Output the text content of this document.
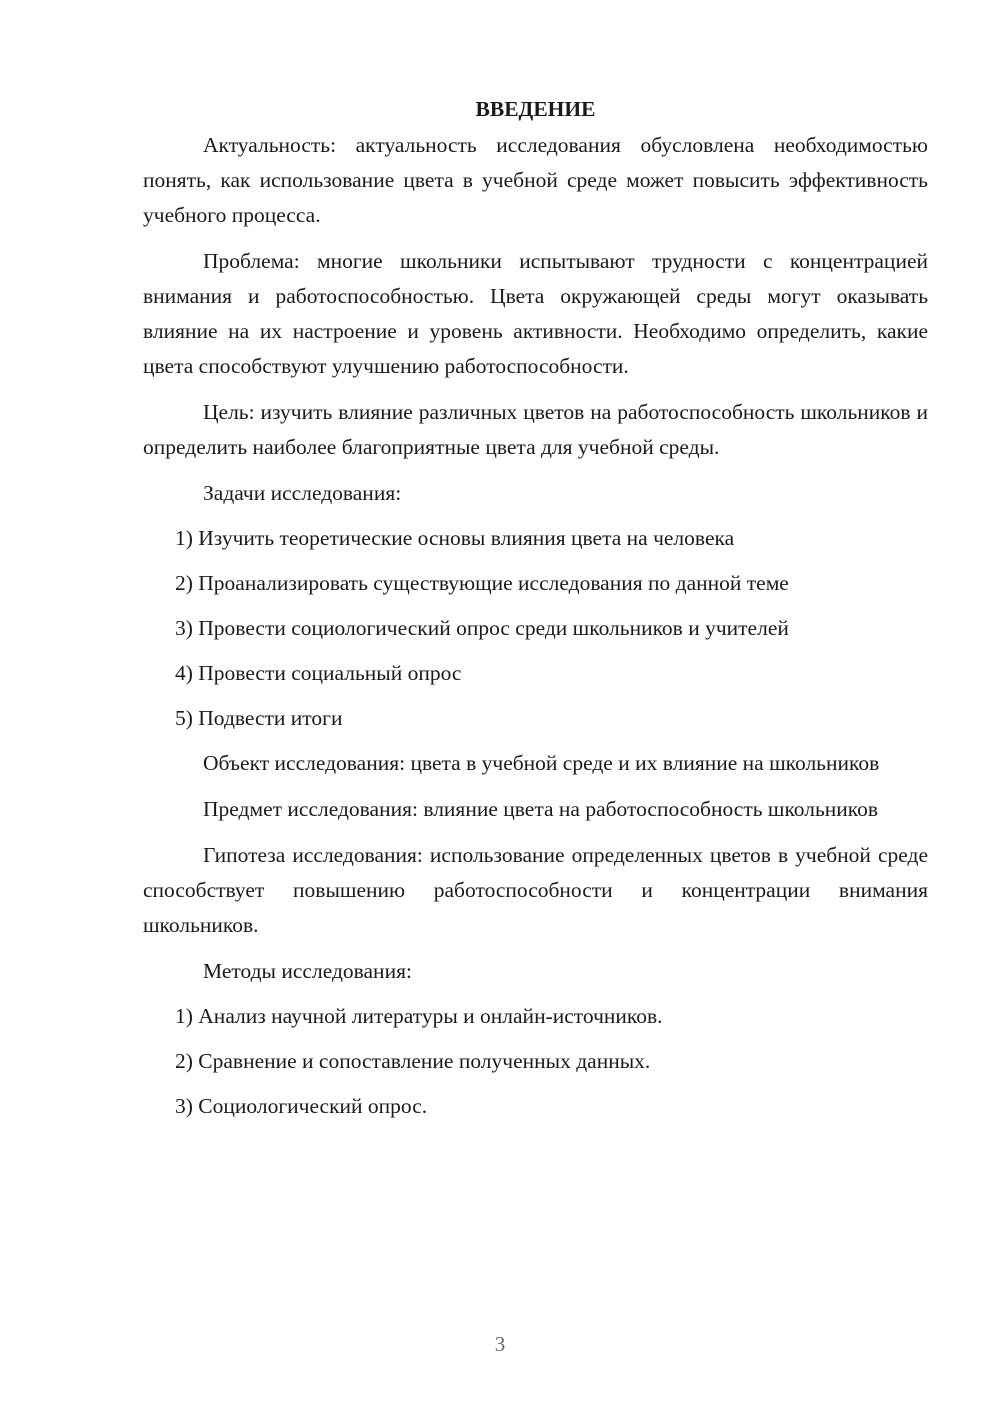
ВВЕДЕНИЕ

Актуальность: актуальность исследования обусловлена необходимостью понять, как использование цвета в учебной среде может повысить эффективность учебного процесса.

Проблема: многие школьники испытывают трудности с концентрацией внимания и работоспособностью. Цвета окружающей среды могут оказывать влияние на их настроение и уровень активности. Необходимо определить, какие цвета способствуют улучшению работоспособности.

Цель: изучить влияние различных цветов на работоспособность школьников и определить наиболее благоприятные цвета для учебной среды.

Задачи исследования:

1) Изучить теоретические основы влияния цвета на человека

2) Проанализировать существующие исследования по данной теме

3) Провести социологический опрос среди школьников и учителей

4) Провести социальный опрос

5) Подвести итоги

Объект исследования: цвета в учебной среде и их влияние на школьников

Предмет исследования: влияние цвета на работоспособность школьников

Гипотеза исследования: использование определенных цветов в учебной среде способствует повышению работоспособности и концентрации внимания школьников.

Методы исследования:

1) Анализ научной литературы и онлайн-источников.

2) Сравнение и сопоставление полученных данных.

3) Социологический опрос.

3
